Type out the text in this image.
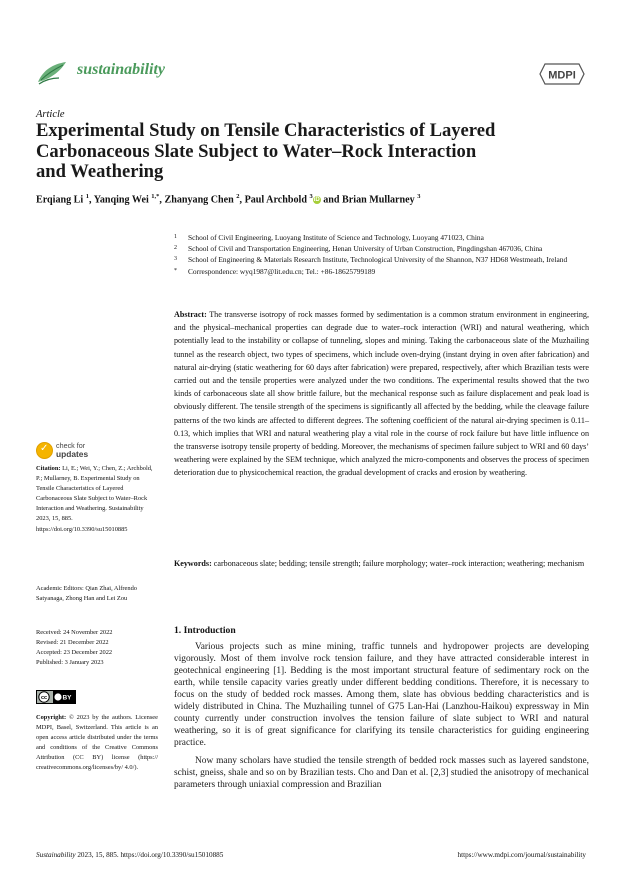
sustainability	MDPI
Article
Experimental Study on Tensile Characteristics of Layered
Carbonaceous Slate Subject to Water–Rock Interaction
and Weathering
Erqiang Li $^1$, Yanqing Wei $^{1,*}$, Zhanyang Chen $^2$, Paul Archbold $^3$iD and Brian Mullarney $^3$
1 School of Civil Engineering, Luoyang Institute of Science and Technology, Luoyang 471023, China
2 School of Civil and Transportation Engineering, Henan University of Urban Construction, Pingdingshan 467036, China
3 School of Engineering & Materials Research Institute, Technological University of the Shannon, N37 HD68 Westmeath, Ireland
* Correspondence: wyq1987@lit.edu.cn; Tel.: +86-18625799189
Abstract: The transverse isotropy of rock masses formed by sedimentation is a common stratum environment in engineering, and the physical–mechanical properties can degrade due to water–rock interaction (WRI) and natural weathering, which potentially lead to the instability or collapse of tunneling, slopes and mining. Taking the carbonaceous slate of the Muzhailing tunnel as the research object, two types of specimens, which include oven-drying (instant drying in oven after fabrication) and natural air-drying (static weathering for 60 days after fabrication) were prepared, respectively, after which Brazilian tests were carried out and the tensile properties were analyzed under the two conditions. The experimental results showed that the two kinds of carbonaceous slate all show brittle failure, but the mechanical response such as failure displacement and peak load is obviously different. The tensile strength of the specimens is significantly all affected by the bedding, while the cleavage failure patterns of the two kinds are affected to different degrees. The softening coefficient of the natural air-drying specimen is 0.11–0.13, which implies that WRI and natural weathering play a vital role in the course of rock failure but have little influence on the transverse isotropy tensile property of bedding. Moreover, the mechanisms of specimen failure subject to WRI and 60 days’ weathering were explained by the SEM technique, which analyzed the micro-components and observes the process of specimen deterioration due to physicochemical reaction, the gradual development of cracks and erosion by weathering.
Keywords: carbonaceous slate; bedding; tensile strength; failure morphology; water–rock interaction; weathering; mechanism
✓ check for
updates
Citation: Li, E.; Wei, Y.; Chen, Z.; Archbold, P.; Mullarney, B. Experimental Study on Tensile Characteristics of Layered Carbonaceous Slate Subject to Water–Rock Interaction and Weathering. Sustainability 2023, 15, 885. https://doi.org/10.3390/su15010885
Academic Editors: Qian Zhai, Alfrendo Satyanaga, Zhong Han and Lei Zou
Received: 24 November 2022
Revised: 21 December 2022
Accepted: 23 December 2022
Published: 3 January 2023
cc BY
Copyright: © 2023 by the authors. Licensee MDPI, Basel, Switzerland. This article is an open access article distributed under the terms and conditions of the Creative Commons Attribution (CC BY) license (https:// creativecommons.org/licenses/by/ 4.0/).
1. Introduction

Various projects such as mine mining, traffic tunnels and hydropower projects are developing vigorously. Most of them involve rock tension failure, and they have attracted considerable interest in geotechnical engineering [1]. Bedding is the most important structural feature of sedimentary rock on the earth, while tensile capacity varies greatly under different bedding conditions. Therefore, it is necessary to focus on the study of bedded rock masses. Among them, slate has obvious bedding characteristics and is widely distributed in China. The Muzhailing tunnel of G75 Lan-Hai (Lanzhou-Haikou) expressway in Min county currently under construction involves the tension failure of slate subject to WRI and natural weathering, so it is of great significance for clarifying its tensile characteristics for guiding engineering practice.

Now many scholars have studied the tensile strength of bedded rock masses such as layered sandstone, schist, gneiss, shale and so on by Brazilian tests. Cho and Dan et al. [2,3] studied the anisotropy of mechanical parameters through uniaxial compression and Brazilian

Sustainability 2023, 15, 885. https://doi.org/10.3390/su15010885	https://www.mdpi.com/journal/sustainability
